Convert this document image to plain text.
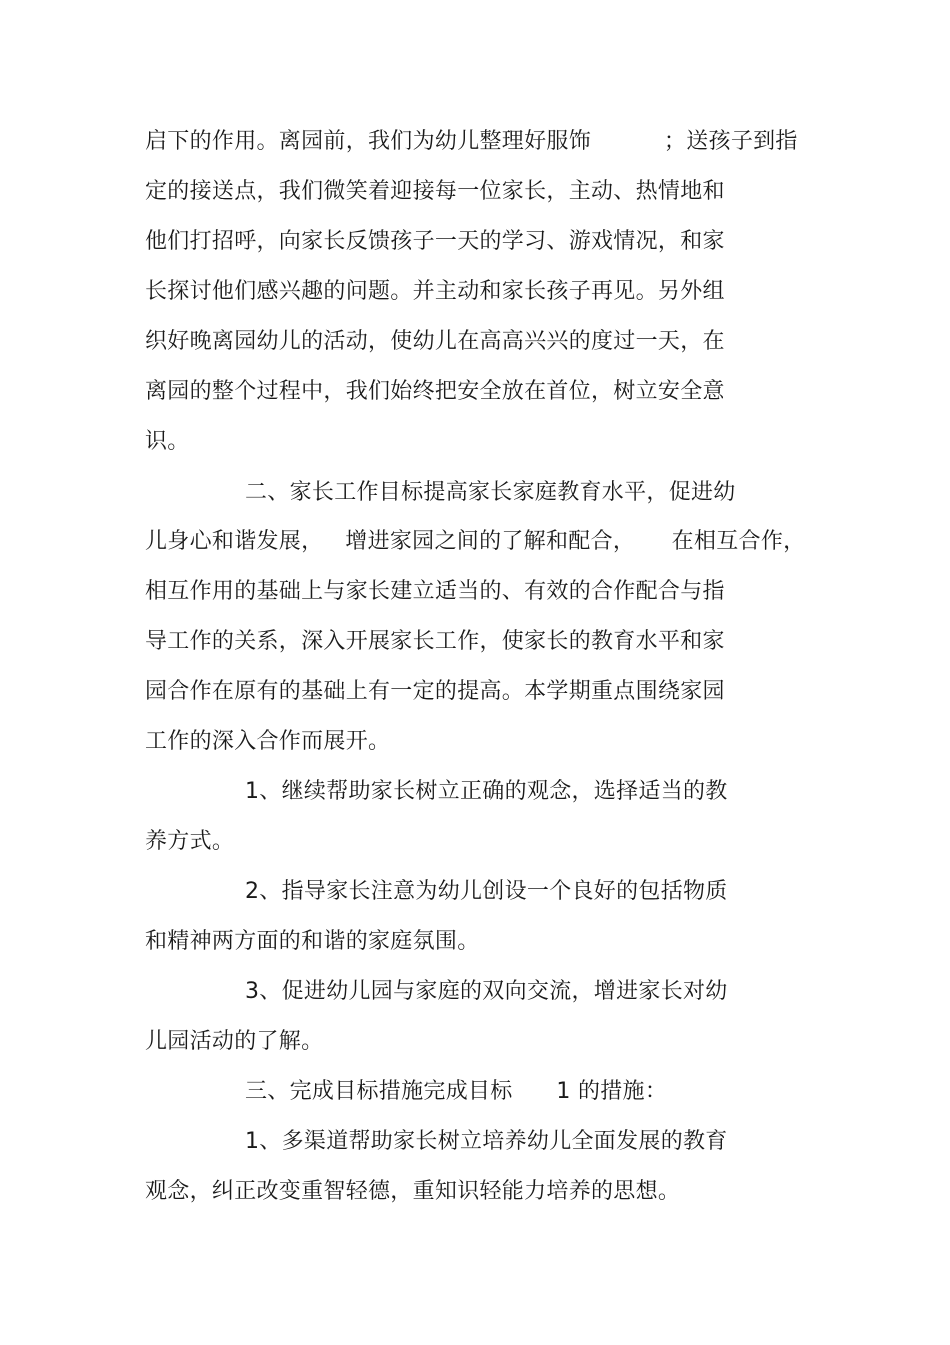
启下的作用。离园前，我们为幼儿整理好服饰          ；送孩子到指
定的接送点，我们微笑着迎接每一位家长，主动、热情地和
他们打招呼，向家长反馈孩子一天的学习、游戏情况，和家
长探讨他们感兴趣的问题。并主动和家长孩子再见。另外组
织好晚离园幼儿的活动，使幼儿在高高兴兴的度过一天，在
离园的整个过程中，我们始终把安全放在首位，树立安全意
识。
二、家长工作目标提高家长家庭教育水平，促进幼
儿身心和谐发展，   增进家园之间的了解和配合，     在相互合作，
相互作用的基础上与家长建立适当的、有效的合作配合与指
导工作的关系，深入开展家长工作，使家长的教育水平和家
园合作在原有的基础上有一定的提高。本学期重点围绕家园
工作的深入合作而展开。
1、继续帮助家长树立正确的观念，选择适当的教
养方式。
2、指导家长注意为幼儿创设一个良好的包括物质
和精神两方面的和谐的家庭氛围。
3、促进幼儿园与家庭的双向交流，增进家长对幼
儿园活动的了解。
三、完成目标措施完成目标      1 的措施：
1、多渠道帮助家长树立培养幼儿全面发展的教育
观念，纠正改变重智轻德，重知识轻能力培养的思想。
